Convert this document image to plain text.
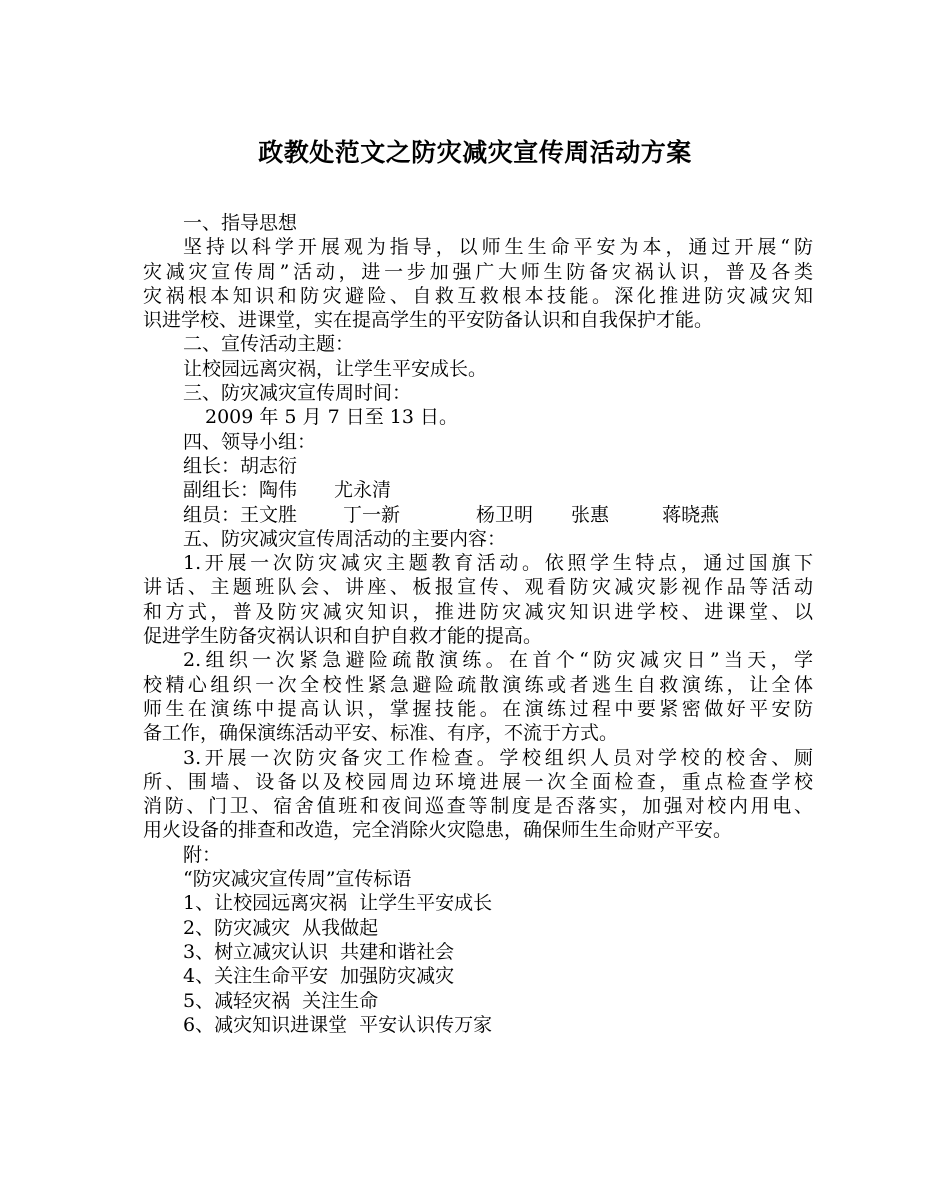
政教处范文之防灾减灾宣传周活动方案
一、指导思想
坚持以科学开展观为指导，以师生生命平安为本，通过开展“防
灾减灾宣传周”活动，进一步加强广大师生防备灾祸认识，普及各类
灾祸根本知识和防灾避险、自救互救根本技能。深化推进防灾减灾知
识进学校、进课堂，实在提高学生的平安防备认识和自我保护才能。
二、宣传活动主题：
让校园远离灾祸，让学生平安成长。
三、防灾减灾宣传周时间：
2009 年 5 月 7 日至 13 日。
四、领导小组：
组长：胡志衍
副组长：陶伟 尤永清
组员：王文胜 丁一新	杨卫明 张惠	蒋晓燕
五、防灾减灾宣传周活动的主要内容：
1.开展一次防灾减灾主题教育活动。依照学生特点，通过国旗下
讲话、主题班队会、讲座、板报宣传、观看防灾减灾影视作品等活动
和方式，普及防灾减灾知识，推进防灾减灾知识进学校、进课堂、以
促进学生防备灾祸认识和自护自救才能的提高。
2.组织一次紧急避险疏散演练。在首个“防灾减灾日”当天，学
校精心组织一次全校性紧急避险疏散演练或者逃生自救演练，让全体
师生在演练中提高认识，掌握技能。在演练过程中要紧密做好平安防
备工作，确保演练活动平安、标准、有序，不流于方式。
3.开展一次防灾备灾工作检查。学校组织人员对学校的校舍、厕
所、围墙、设备以及校园周边环境进展一次全面检查，重点检查学校
消防、门卫、宿舍值班和夜间巡查等制度是否落实，加强对校内用电、
用火设备的排查和改造，完全消除火灾隐患，确保师生生命财产平安。
附：
“防灾减灾宣传周”宣传标语
1、让校园远离灾祸  让学生平安成长
2、防灾减灾  从我做起
3、树立减灾认识  共建和谐社会
4、关注生命平安  加强防灾减灾
5、减轻灾祸  关注生命
6、减灾知识进课堂  平安认识传万家
